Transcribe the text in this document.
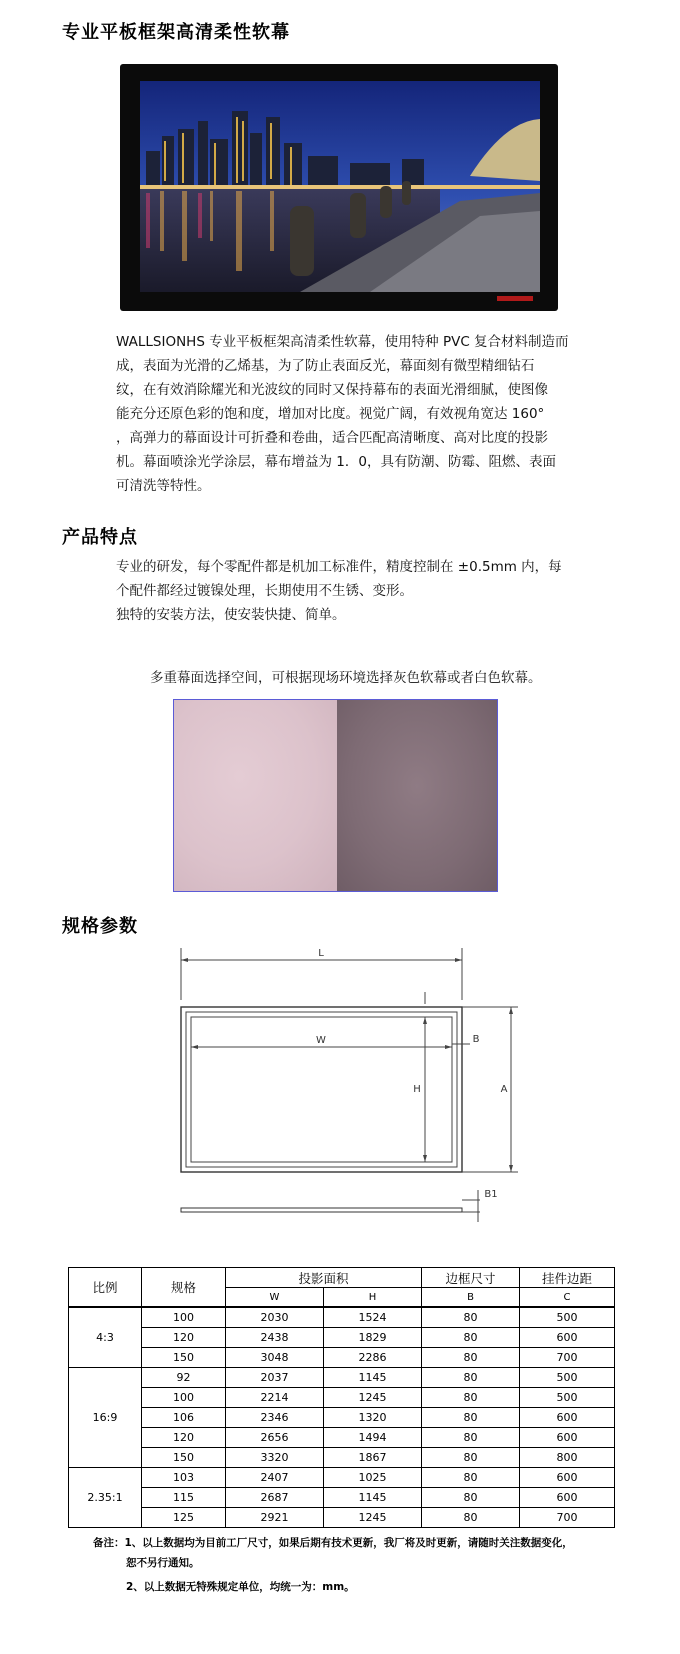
专业平板框架高清柔性软幕

WALLSIONHS 专业平板框架高清柔性软幕，使用特种 PVC 复合材料制造而

成，表面为光滑的乙烯基，为了防止表面反光，幕面刻有微型精细钻石

纹，在有效消除耀光和光波纹的同时又保持幕布的表面光滑细腻，使图像

能充分还原色彩的饱和度，增加对比度。视觉广阔，有效视角宽达 160°

，高弹力的幕面设计可折叠和卷曲，适合匹配高清晰度、高对比度的投影

机。幕面喷涂光学涂层，幕布增益为 1．0，具有防潮、防霉、阻燃、表面

可清洗等特性。

产品特点

专业的研发，每个零配件都是机加工标准件，精度控制在 ±0.5mm 内，每

个配件都经过镀镍处理，长期使用不生锈、变形。

独特的安装方法，使安装快捷、简单。

多重幕面选择空间，可根据现场环境选择灰色软幕或者白色软幕。
规格参数
L
W
H	A
B
B1
比例	规格	投影面积		边框尺寸	挂件边距
		W	H	B	C
4:3	100	2030	1524	80	500
	120	2438	1829	80	600
	150	3048	2286	80	700
16:9	92	2037	1145	80	500
	100	2214	1245	80	500
	106	2346	1320	80	600
	120	2656	1494	80	600
	150	3320	1867	80	800
2.35:1	103	2407	1025	80	600
	115	2687	1145	80	600
	125	2921	1245	80	700
备注：1、以上数据均为目前工厂尺寸，如果后期有技术更新，我厂将及时更新，请随时关注数据变化，
恕不另行通知。
2、以上数据无特殊规定单位，均统一为：mm。
